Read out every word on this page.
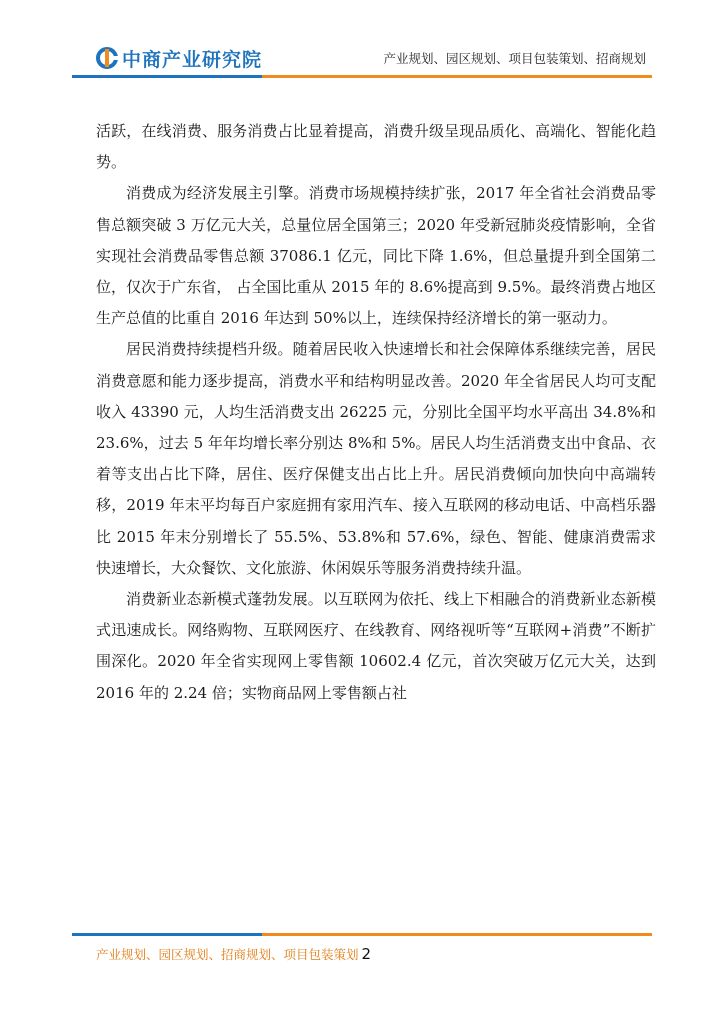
中商产业研究院	产业规划、园区规划、项目包装策划、招商规划

活跃，在线消费、服务消费占比显着提高，消费升级呈现品质化、高端化、智能化趋势。

消费成为经济发展主引擎。消费市场规模持续扩张，2017 年全省社会消费品零售总额突破 3 万亿元大关，总量位居全国第三；2020 年受新冠肺炎疫情影响，全省实现社会消费品零售总额 37086.1 亿元，同比下降 1.6%，但总量提升到全国第二位，仅次于广东省， 占全国比重从 2015 年的 8.6%提高到 9.5%。最终消费占地区生产总值的比重自 2016 年达到 50%以上，连续保持经济增长的第一驱动力。

居民消费持续提档升级。随着居民收入快速增长和社会保障体系继续完善，居民消费意愿和能力逐步提高，消费水平和结构明显改善。2020 年全省居民人均可支配收入 43390 元，人均生活消费支出 26225 元，分别比全国平均水平高出 34.8%和 23.6%，过去 5 年年均增长率分别达 8%和 5%。居民人均生活消费支出中食品、衣着等支出占比下降，居住、医疗保健支出占比上升。居民消费倾向加快向中高端转移，2019 年末平均每百户家庭拥有家用汽车、接入互联网的移动电话、中高档乐器比 2015 年末分别增长了 55.5%、53.8%和 57.6%，绿色、智能、健康消费需求快速增长，大众餐饮、文化旅游、休闲娱乐等服务消费持续升温。

消费新业态新模式蓬勃发展。以互联网为依托、线上下相融合的消费新业态新模式迅速成长。网络购物、互联网医疗、在线教育、网络视听等“互联网+消费”不断扩围深化。2020 年全省实现网上零售额 10602.4 亿元，首次突破万亿元大关，达到 2016 年的 2.24 倍；实物商品网上零售额占社

产业规划、园区规划、招商规划、项目包装策划 2
